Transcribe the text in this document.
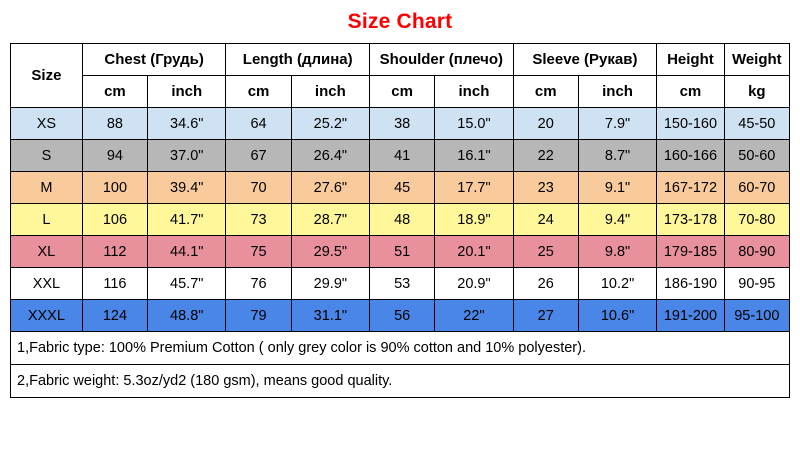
Size Chart
Size	Chest (Грудь)		Length (длина)		Shoulder (плечо)		Sleeve (Рукав)		Height	Weight
	cm	inch	cm	inch	cm	inch	cm	inch	cm	kg
XS	88	34.6"	64	25.2"	38	15.0"	20	7.9"	150-160	45-50
S	94	37.0"	67	26.4"	41	16.1"	22	8.7"	160-166	50-60
M	100	39.4"	70	27.6"	45	17.7"	23	9.1"	167-172	60-70
L	106	41.7"	73	28.7"	48	18.9"	24	9.4"	173-178	70-80
XL	112	44.1"	75	29.5"	51	20.1"	25	9.8"	179-185	80-90
XXL	116	45.7"	76	29.9"	53	20.9"	26	10.2"	186-190	90-95
XXXL	124	48.8"	79	31.1"	56	22"	27	10.6"	191-200	95-100
1,Fabric type: 100% Premium Cotton ( only grey color is 90% cotton and 10% polyester).
2,Fabric weight: 5.3oz/yd2 (180 gsm), means good quality.
